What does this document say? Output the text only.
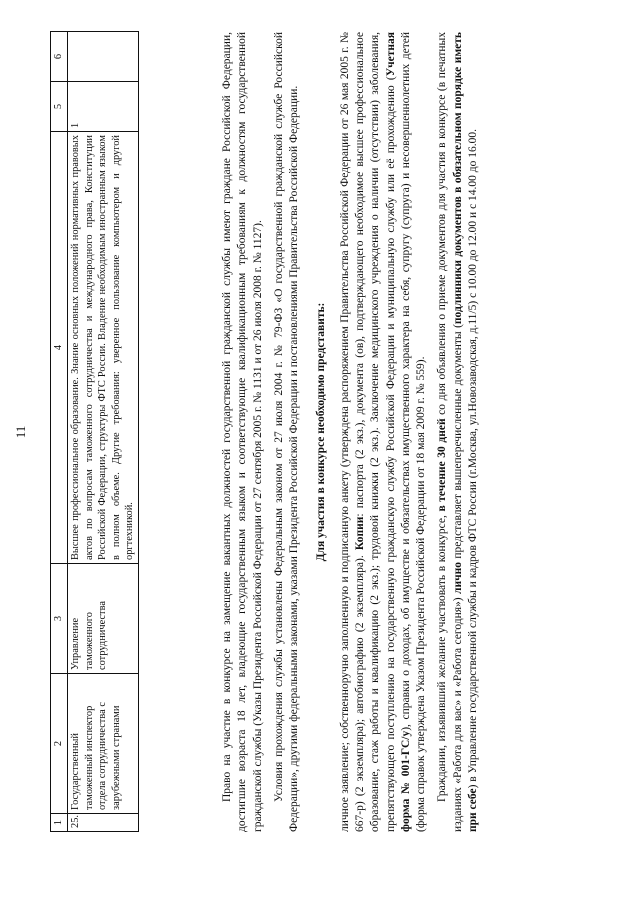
11
1	2	3	4	5	6
25.	Государственный таможенный инспектор отдела сотрудничества с зарубежными странами	Управление таможенного сотрудничества	Высшее профессиональное образование. Знание основных положений нормативных правовых актов по вопросам таможенного сотрудничества и международного права, Конституции Российской Федерации, структуры ФТС России. Владение необходимым иностранным языком в полном объеме. Другие требования: уверенное пользование компьютером и другой оргтехникой.	1		Право на участие в конкурсе на замещение вакантных должностей государственной гражданской службы имеют граждане Российской Федерации, достигшие возраста 18 лет, владеющие государственным языком и соответствующие квалификационным требованиям к должностям государственной гражданской службы (Указы Президента Российской Федерации от 27 сентября 2005 г. № 1131 и от 26 июля 2008 г. № 1127). Условия прохождения службы установлены Федеральным законом от 27 июля 2004 г. № 79-ФЗ «О государственной гражданской службе Российской Федерации», другими федеральными законами, указами Президента Российской Федерации и постановлениями Правительства Российской Федерации. Для участия в конкурсе необходимо представить: личное заявление; собственноручно заполненную и подписанную анкету (утверждена распоряжением Правительства Российской Федерации от 26 мая 2005 г. № 667-р) (2 экземпляра); автобиографию (2 экземпляра). Копии: паспорта (2 экз.), документа (ов), подтверждающего необходимое высшее профессиональное образование, стаж работы и квалификацию (2 экз.); трудовой книжки (2 экз.). Заключение медицинского учреждения о наличии (отсутствии) заболевания, препятствующего поступлению на государственную гражданскую службу Российской Федерации и муниципальную службу или её прохождению (Учетная форма № 001-ГС/у), справки о доходах, об имуществе и обязательствах имущественного характера на себя, супругу (супруга) и несовершеннолетних детей (форма справок утверждена Указом Президента Российской Федерации от 18 мая 2009 г. № 559). Граждании, изъявивший желание участвовать в конкурсе, в течение 30 дней со дня объявления о приеме документов для участия в конкурсе (в печатных изданиях «Работа для вас» и «Работа сегодня») лично представляет вышеперечисленные документы (подлинники документов в обязательном порядке иметь при себе) в Управление государственной службы и кадров ФТС России (г.Москва, ул.Новозаводская, д.11/5) с 10.00 до 12.00 и с 14.00 до 16.00.
